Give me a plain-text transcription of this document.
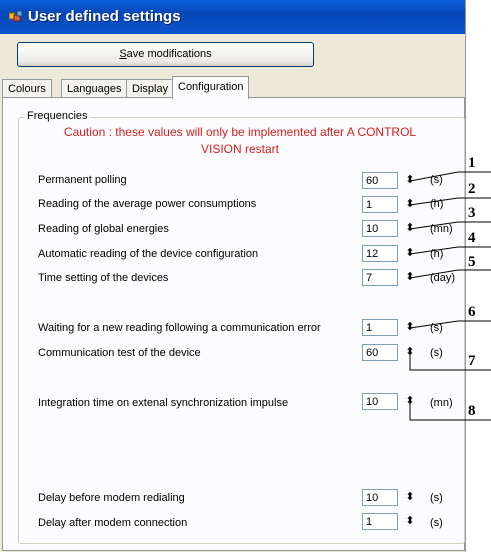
User defined settings
Save modifications
Colours	Languages Display Configuration
Frequencies
Caution : these values will only be implemented after A CONTROL
VISION restart
Permanent polling	60	⬍	(s)
Reading of the average power consumptions	1	⬍	(h)
Reading of global energies	10	⬍	(mn)
Automatic reading of the device configuration	12	⬍	(h)
Time setting of the devices	7	⬍	(day)
Waiting for a new reading following a communication error	1	⬍	(s)
Communication test of the device	60	⬍	(s)
Integration time on extenal synchronization impulse	10	⬍	(mn)
Delay before modem redialing	10	⬍	(s)
Delay after modem connection	1	⬍	(s)
1
2
3
4
5
6
7
8
